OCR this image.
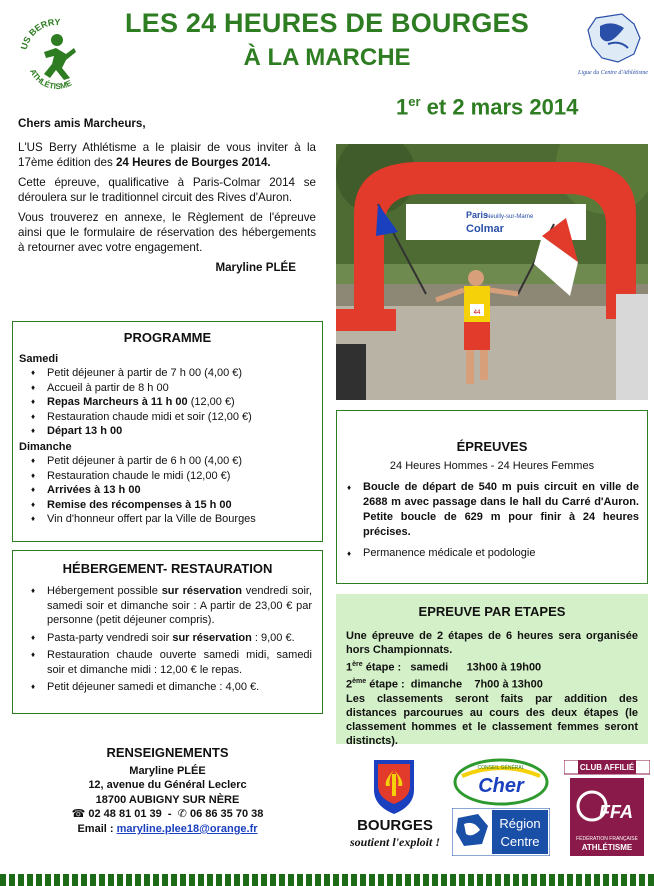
LES 24 HEURES DE BOURGES
À LA MARCHE
1er et 2 mars 2014
US BERRY
ATHLÉTISME
Ligue du Centre d'Athlétisme

Chers amis Marcheurs,

L'US Berry Athlétisme a le plaisir de vous inviter à la 17ème édition des 24 Heures de Bourges 2014.

Cette épreuve, qualificative à Paris-Colmar 2014 se déroulera sur le traditionnel circuit des Rives d'Auron.

Vous trouverez en annexe, le Règlement de l'épreuve ainsi que le formulaire de réservation des hébergements à retourner avec votre engagement.

Maryline PLÉE

Paris
Neuilly-sur-Marne
Colmar
44
PROGRAMME
Samedi
♦ Petit déjeuner à partir de 7 h 00 (4,00 €)
♦ Accueil à partir de 8 h 00
♦ Repas Marcheurs à 11 h 00 (12,00 €)
♦ Restauration chaude midi et soir (12,00 €)
♦ Départ 13 h 00
Dimanche
♦ Petit déjeuner à partir de 6 h 00 (4,00 €)
♦ Restauration chaude le midi (12,00 €)
♦ Arrivées à 13 h 00
♦ Remise des récompenses à 15 h 00
♦ Vin d'honneur offert par la Ville de Bourges
HÉBERGEMENT- RESTAURATION
♦ Hébergement possible sur réservation vendredi soir, samedi soir et dimanche soir : A partir de 23,00 € par personne (petit déjeuner compris).
♦ Pasta-party vendredi soir sur réservation : 9,00 €.
♦ Restauration chaude ouverte samedi midi, samedi soir et dimanche midi : 12,00 € le repas.
♦ Petit déjeuner samedi et dimanche : 4,00 €.
ÉPREUVES
24 Heures Hommes - 24 Heures Femmes
♦ Boucle de départ de 540 m puis circuit en ville de 2688 m avec passage dans le hall du Carré d'Auron. Petite boucle de 629 m pour finir à 24 heures précises.
♦ Permanence médicale et podologie
EPREUVE PAR ETAPES

Une épreuve de 2 étapes de 6 heures sera organisée hors Championnats.

1ère étape :   samedi      13h00 à 19h00

2ème étape :  dimanche    7h00 à 13h00

Les classements seront faits par addition des distances parcourues au cours des deux étapes (le classement hommes et le classement femmes seront distincts).

RENSEIGNEMENTS
Maryline PLÉE
12, avenue du Général Leclerc
18700 AUBIGNY SUR NÈRE
☎ 02 48 81 01 39  -  ✆ 06 86 35 70 38
Email : maryline.plee18@orange.fr	BOURGES
soutient l'exploit !
CONSEIL GÉNÉRAL
Cher
Région
Centre
CLUB AFFILIÉ
FFA
FÉDÉRATION FRANÇAISE
ATHLÉTISME
